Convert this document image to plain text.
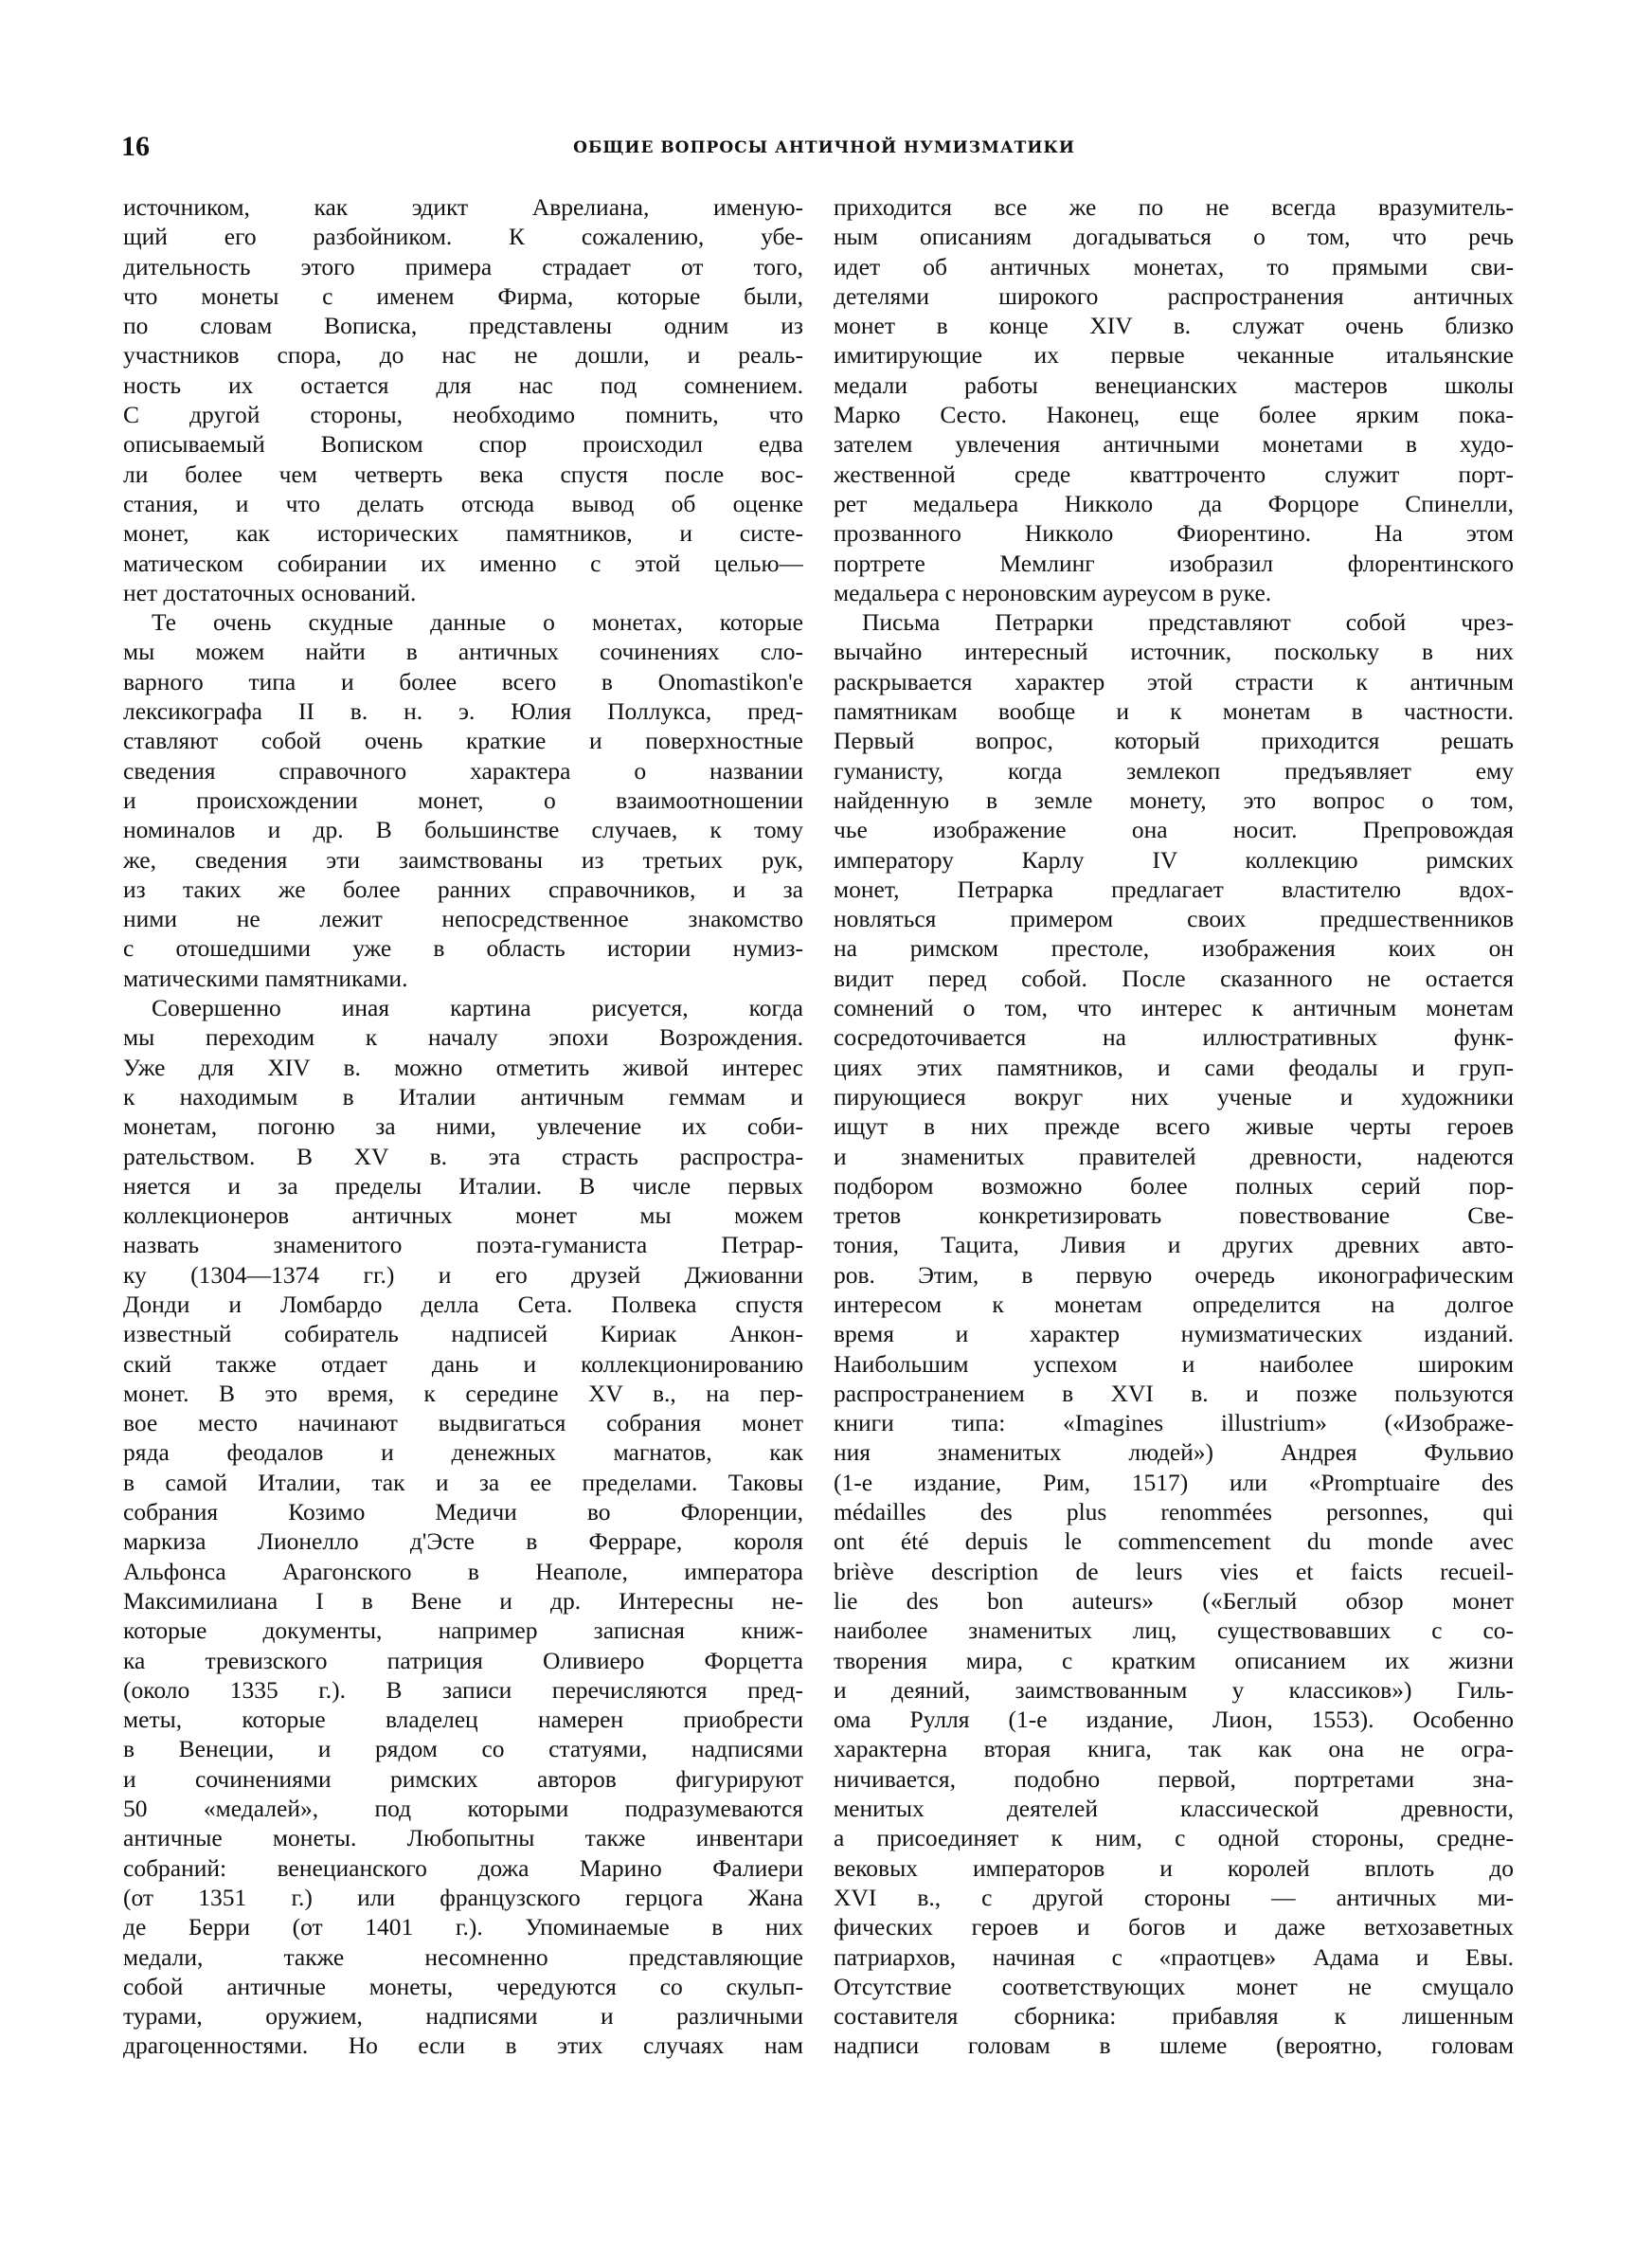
16	ОБЩИЕ ВОПРОСЫ АНТИЧНОЙ НУМИЗМАТИКИ
источником, как эдикт Аврелиана, именую-
щий его разбойником. К сожалению, убе-
дительность этого примера страдает от того,
что монеты с именем Фирма, которые были,
по словам Вописка, представлены одним из
участников спора, до нас не дошли, и реаль-
ность их остается для нас под сомнением.
С другой стороны, необходимо помнить, что
описываемый Вописком спор происходил едва
ли более чем четверть века спустя после вос-
стания, и что делать отсюда вывод об оценке
монет, как исторических памятников, и систе-
матическом собирании их именно с этой целью—
нет достаточных оснований.
Те очень скудные данные о монетах, которые
мы можем найти в античных сочинениях сло-
варного типа и более всего в Onomastikon'е
лексикографа II в. н. э. Юлия Поллукса, пред-
ставляют собой очень краткие и поверхностные
сведения справочного характера о названии
и происхождении монет, о взаимоотношении
номиналов и др. В большинстве случаев, к тому
же, сведения эти заимствованы из третьих рук,
из таких же более ранних справочников, и за
ними не лежит непосредственное знакомство
с отошедшими уже в область истории нумиз-
матическими памятниками.
Совершенно иная картина рисуется, когда
мы переходим к началу эпохи Возрождения.
Уже для XIV в. можно отметить живой интерес
к находимым в Италии античным геммам и
монетам, погоню за ними, увлечение их соби-
рательством. В XV в. эта страсть распростра-
няется и за пределы Италии. В числе первых
коллекционеров античных монет мы можем
назвать знаменитого поэта-гуманиста Петрар-
ку (1304—1374 гг.) и его друзей Джиованни
Донди и Ломбардо делла Сета. Полвека спустя
известный собиратель надписей Кириак Анкон-
ский также отдает дань и коллекционированию
монет. В это время, к середине XV в., на пер-
вое место начинают выдвигаться собрания монет
ряда феодалов и денежных магнатов, как
в самой Италии, так и за ее пределами. Таковы
собрания Козимо Медичи во Флоренции,
маркиза Лионелло д'Эсте в Ферраре, короля
Альфонса Арагонского в Неаполе, императора
Максимилиана I в Вене и др. Интересны не-
которые документы, например записная книж-
ка тревизского патриция Оливиеро Форцетта
(около 1335 г.). В записи перечисляются пред-
меты, которые владелец намерен приобрести
в Венеции, и рядом со статуями, надписями
и сочинениями римских авторов фигурируют
50 «медалей», под которыми подразумеваются
античные монеты. Любопытны также инвентари
собраний: венецианского дожа Марино Фалиери
(от 1351 г.) или французского герцога Жана
де Берри (от 1401 г.). Упоминаемые в них
медали, также несомненно представляющие
собой античные монеты, чередуются со скульп-
турами, оружием, надписями и различными
драгоценностями. Но если в этих случаях нам
приходится все же по не всегда вразумитель-
ным описаниям догадываться о том, что речь
идет об античных монетах, то прямыми сви-
детелями широкого распространения античных
монет в конце XIV в. служат очень близко
имитирующие их первые чеканные итальянские
медали работы венецианских мастеров школы
Марко Сесто. Наконец, еще более ярким пока-
зателем увлечения античными монетами в худо-
жественной среде кваттроченто служит порт-
рет медальера Никколо да Форцоре Спинелли,
прозванного Никколо Фиорентино. На этом
портрете Мемлинг изобразил флорентинского
медальера с нероновским ауреусом в руке.
Письма Петрарки представляют собой чрез-
вычайно интересный источник, поскольку в них
раскрывается характер этой страсти к античным
памятникам вообще и к монетам в частности.
Первый вопрос, который приходится решать
гуманисту, когда землекоп предъявляет ему
найденную в земле монету, это вопрос о том,
чье изображение она носит. Препровождая
императору Карлу IV коллекцию римских
монет, Петрарка предлагает властителю вдох-
новляться примером своих предшественников
на римском престоле, изображения коих он
видит перед собой. После сказанного не остается
сомнений о том, что интерес к античным монетам
сосредоточивается на иллюстративных функ-
циях этих памятников, и сами феодалы и груп-
пирующиеся вокруг них ученые и художники
ищут в них прежде всего живые черты героев
и знаменитых правителей древности, надеются
подбором возможно более полных серий пор-
третов конкретизировать повествование Све-
тония, Тацита, Ливия и других древних авто-
ров. Этим, в первую очередь иконографическим
интересом к монетам определится на долгое
время и характер нумизматических изданий.
Наибольшим успехом и наиболее широким
распространением в XVI в. и позже пользуются
книги типа: «Imagines illustrium» («Изображе-
ния знаменитых людей») Андрея Фульвио
(1-е издание, Рим, 1517) или «Promptuaire des
médailles des plus renommées personnes, qui
ont été depuis le commencement du monde avec
briève description de leurs vies et faicts recueil-
lie des bon auteurs» («Беглый обзор монет
наиболее знаменитых лиц, существовавших с со-
творения мира, с кратким описанием их жизни
и деяний, заимствованным у классиков») Гиль-
ома Рулля (1-е издание, Лион, 1553). Особенно
характерна вторая книга, так как она не огра-
ничивается, подобно первой, портретами зна-
менитых деятелей классической древности,
а присоединяет к ним, с одной стороны, средне-
вековых императоров и королей вплоть до
XVI в., с другой стороны — античных ми-
фических героев и богов и даже ветхозаветных
патриархов, начиная с «праотцев» Адама и Евы.
Отсутствие соответствующих монет не смущало
составителя сборника: прибавляя к лишенным
надписи головам в шлеме (вероятно, головам
